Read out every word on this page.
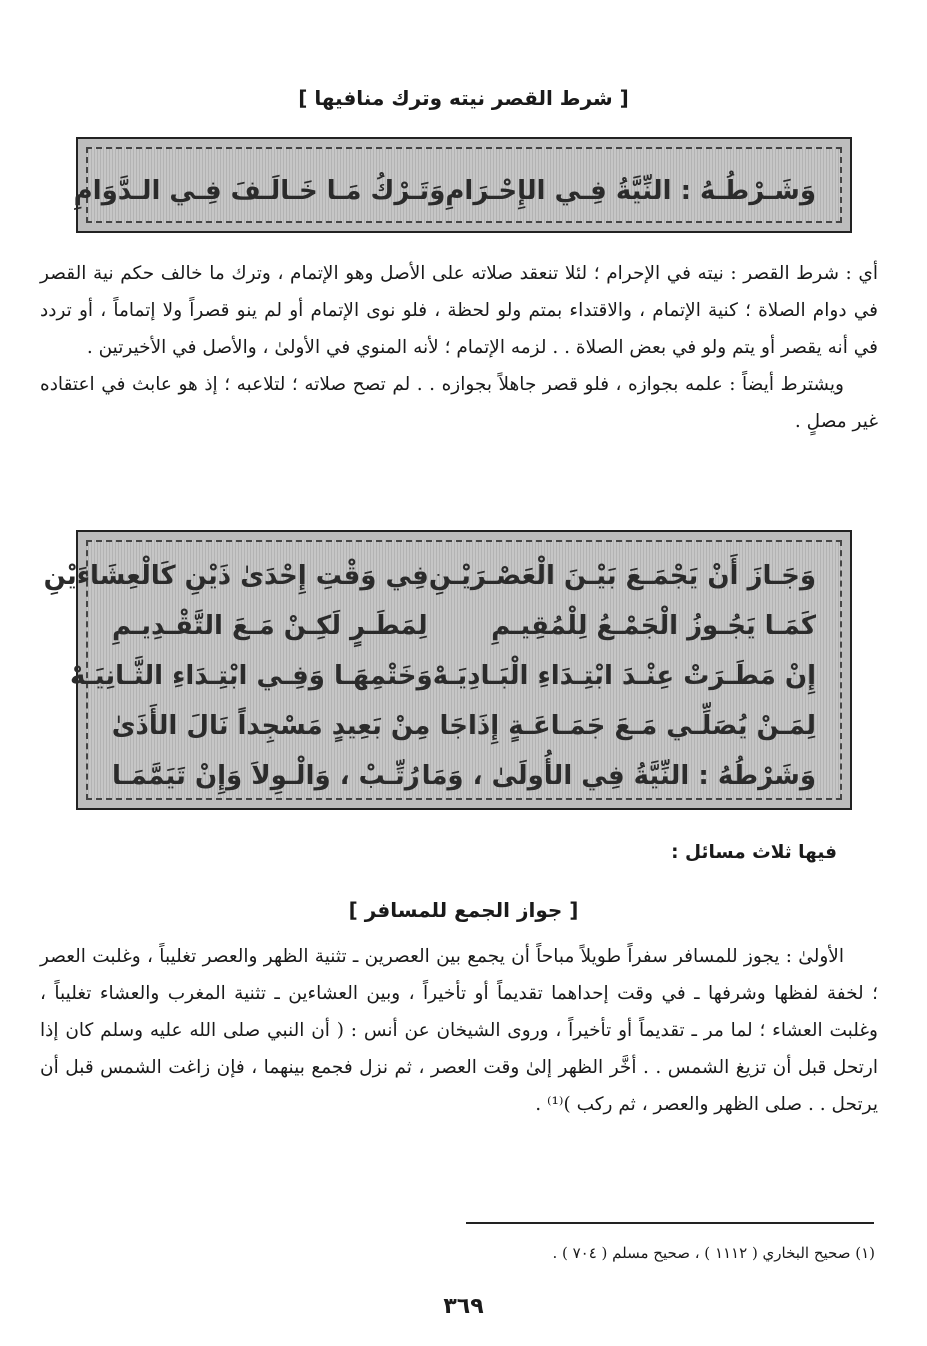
[ شرط القصر نيته وترك منافيها ]
وَشَـرْطُـهُ : النِّيَّةُ فِـي الإِحْـرَامِ
وَتَـرْكُ مَـا خَـالَـفَ فِـي الـدَّوَامِ

أي : شرط القصر : نيته في الإحرام ؛ لئلا تنعقد صلاته على الأصل وهو الإتمام ، وترك ما خالف حكم نية القصر في دوام الصلاة ؛ كنية الإتمام ، والاقتداء بمتم ولو لحظة ، فلو نوى الإتمام أو لم ينو قصراً ولا إتماماً ، أو تردد في أنه يقصر أو يتم ولو في بعض الصلاة . . لزمه الإتمام ؛ لأنه المنوي في الأولىٰ ، والأصل في الأخيرتين .

ويشترط أيضاً : علمه بجوازه ، فلو قصر جاهلاً بجوازه . . لم تصح صلاته ؛ لتلاعبه ؛ إذ هو عابث في اعتقاده غير مصلٍ .

وَجَـازَ أَنْ يَجْمَـعَ بَيْـنَ الْعَصْـرَيْـنِ
فِي وَقْتِ إِحْدَىٰ ذَيْنِ كَالْعِشَاءَيْنِ
كَمَـا يَجُـوزُ الْجَمْـعُ لِلْمُقِيـمِ
لِمَطَـرٍ لَكِـنْ مَـعَ التَّقْـدِيـمِ
إِنْ مَطَـرَتْ عِنْـدَ ابْتِـدَاءِ الْبَـادِيَـهْ
وَخَتْمِهَـا وَفِـي ابْتِـدَاءِ الثَّـانِيَـهْ
لِمَـنْ يُصَلِّـي مَـعَ جَمَـاعَـةٍ إِذَا
جَا مِنْ بَعِيدٍ مَسْجِداً نَالَ الأَذَىٰ
وَشَرْطُهُ : النِّيَّةُ فِي الأُولَىٰ ، وَمَا
رُتِّـبْ ، وَالْـوِلاَ وَإِنْ تَيَمَّمَـا
فيها ثلاث مسائل :
[ جواز الجمع للمسافر ]

الأولىٰ : يجوز للمسافر سفراً طويلاً مباحاً أن يجمع بين العصرين ـ تثنية الظهر والعصر تغليباً ، وغلبت العصر ؛ لخفة لفظها وشرفها ـ في وقت إحداهما تقديماً أو تأخيراً ، وبين العشاءين ـ تثنية المغرب والعشاء تغليباً ، وغلبت العشاء ؛ لما مر ـ تقديماً أو تأخيراً ، وروى الشيخان عن أنس : ( أن النبي صلى الله عليه وسلم كان إذا ارتحل قبل أن تزيغ الشمس . . أخَّر الظهر إلىٰ وقت العصر ، ثم نزل فجمع بينهما ، فإن زاغت الشمس قبل أن يرتحل . . صلى الظهر والعصر ، ثم ركب )⁽¹⁾ .

(١) صحيح البخاري ( ١١١٢ ) ، صحيح مسلم ( ٧٠٤ ) .
٣٦٩
